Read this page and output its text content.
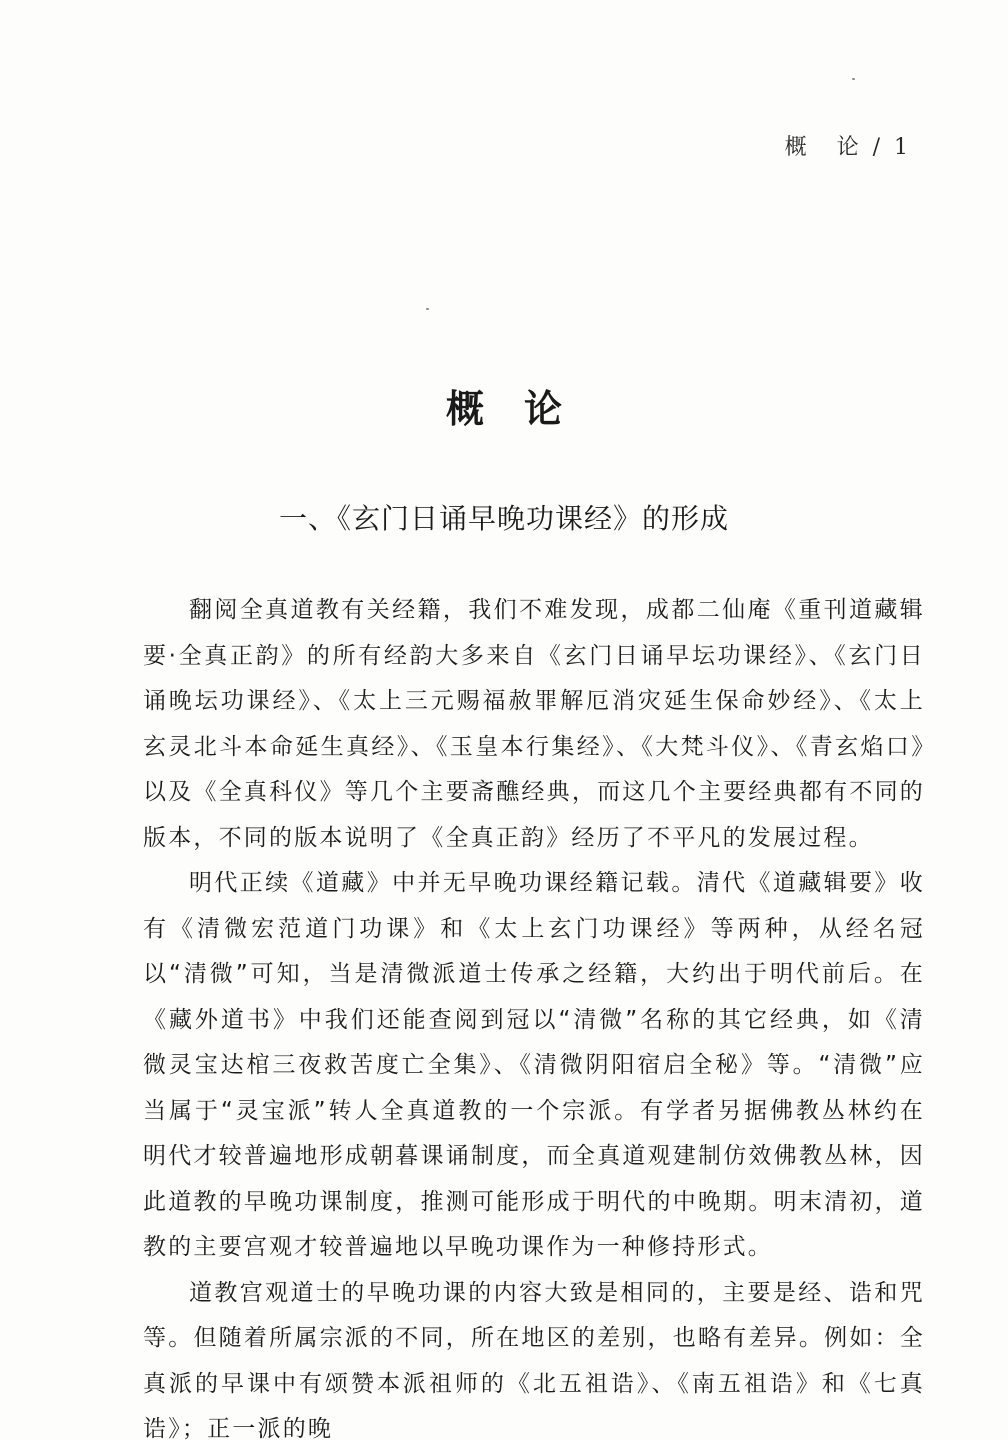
概　论 / 1
概论
一、《玄门日诵早晚功课经》的形成

翻阅全真道教有关经籍，我们不难发现，成都二仙庵《重刊道藏辑要·全真正韵》的所有经韵大多来自《玄门日诵早坛功课经》、《玄门日诵晚坛功课经》、《太上三元赐福赦罪解厄消灾延生保命妙经》、《太上玄灵北斗本命延生真经》、《玉皇本行集经》、《大梵斗仪》、《青玄焰口》以及《全真科仪》等几个主要斋醮经典，而这几个主要经典都有不同的版本，不同的版本说明了《全真正韵》经历了不平凡的发展过程。

明代正续《道藏》中并无早晚功课经籍记载。清代《道藏辑要》收有《清微宏范道门功课》和《太上玄门功课经》等两种，从经名冠以“清微”可知，当是清微派道士传承之经籍，大约出于明代前后。在《藏外道书》中我们还能查阅到冠以“清微”名称的其它经典，如《清微灵宝达棺三夜救苦度亡全集》、《清微阴阳宿启全秘》等。“清微”应当属于“灵宝派”转人全真道教的一个宗派。有学者另据佛教丛林约在明代才较普遍地形成朝暮课诵制度，而全真道观建制仿效佛教丛林，因此道教的早晚功课制度，推测可能形成于明代的中晚期。明末清初，道教的主要宫观才较普遍地以早晚功课作为一种修持形式。

道教宫观道士的早晚功课的内容大致是相同的，主要是经、诰和咒等。但随着所属宗派的不同，所在地区的差别，也略有差异。例如：全真派的早课中有颂赞本派祖师的《北五祖诰》、《南五祖诰》和《七真诰》；正一派的晚
